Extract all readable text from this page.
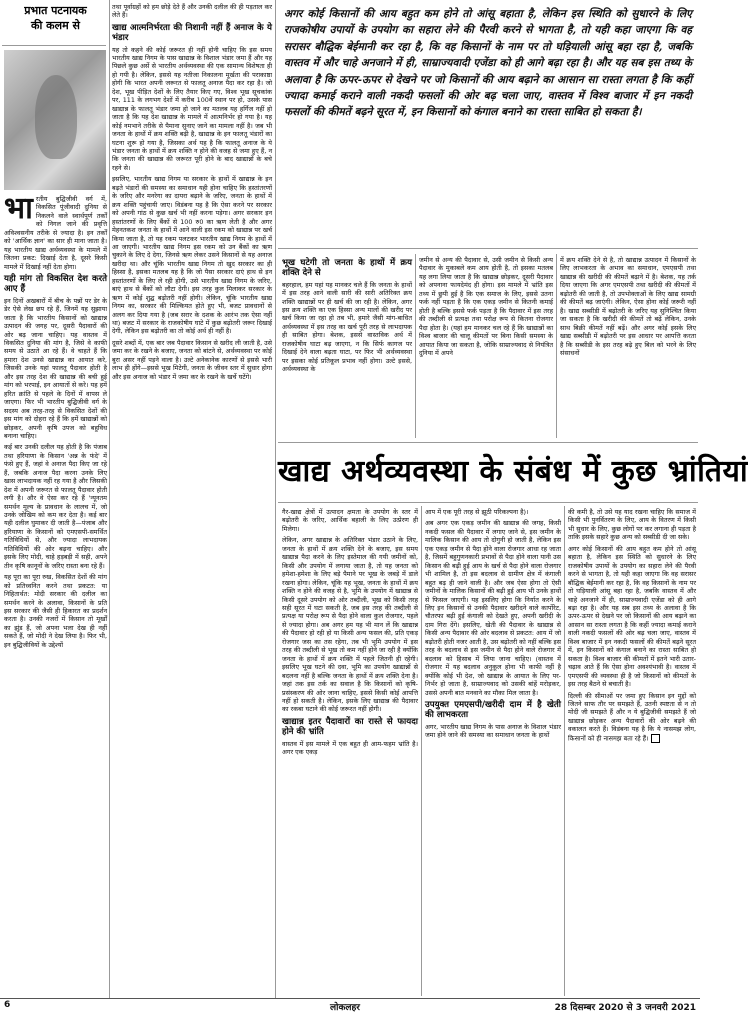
प्रभात पटनायक
की कलम से

भारतीय बुद्घिजीवी वर्ग में, विकसित पूंजीवादी दुनिया से निकलने वाले स्वार्थपूर्ण तर्कों को निगल जाने की प्रवृत्ति अविश्वसनीय तरीके से ज्यादा है। इन तर्कों को 'आर्थिक ज्ञान' का सार ही माना जाता है। यह भारतीय खाद्य अर्थव्यवस्था के मामले में जितना प्रकट: दिखाई देता है, दूसरे किसी मामले में दिखाई नहीं देता होगा।

यही मांग तो विकसित देश करते आए हैं

इन दिनों अखबारों में बीच के पन्नों पर डेर के डेर ऐसे लेख छप रहे हैं, जिनमें यह सुझाया जाता है कि भारतीय किसानों को खाद्यान्न उत्पादन की जगह पर, दूसरी पैदावारों की ओर बढ़ जाना चाहिए। यह वास्तव में विकसित दुनिया की मांग है, जिसे वे काफी समय से उठाते आ रहे हैं। वे चाहते हैं कि हमारा देश उनसे खाद्यान्न का आयात करे, जिसकी उनके यहां फालतू पैदावार होती है और इस तरह देश की खाद्यान्न की बची हुई मांग को भरपाई, इन आयातों से करे। यह हमें हरित क्रांति से पहले के दिनों में वापस ले जाएगा। फिर भी भारतीय बुद्घिजीवी वर्ग के सदस्य अब तरह-तरह से विकसित देशों की इस मांग को दोहरा रहे हैं कि हमें खाद्यान्नों को छोड़कर, अपनी कृषि उपज को बहुविध बनाना चाहिए।

कई बार उनकी दलील यह होती है कि पंजाब तथा हरियाणा के किसान 'अन्न के फंदे' में फंसे हुए हैं, जहां वे अनाज पैदा किए जा रहे हैं, जबकि अनाज पैदा करना उनके लिए खास लाभदायक नहीं रह गया है और जिसकी देश में अपनी जरूरत से फालतू पैदावार होती लगी है। और वे ऐसा कर रहे हैं 'न्यूनतम समर्थन मूल्य के प्रावधान के लालच में, जो उनके जोखिम को कम कर देता है। कई बार यही दलील घुमाकर दी जाती है—पंजाब और हरियाणा के किसानों को एमएसपी-समर्थित गतिविधियों से, और ज्यादा लाभदायक गतिविधियों की ओर बढ़ना चाहिए। और इसके लिए मोदी, चाहे हड़बड़ी में सही, अपने तीन कृषि कानूनों के जरिए रास्ता बना रहे हैं।

यह पूरा का पूरा रुख, विकसित देशों की मांग को प्रतिध्वनित करने तथा प्रकटत: या निहितार्थत: मोदी सरकार की दलील का समर्थन करने के अलावा, किसानों के प्रति इस सरकार की जैसी ही हिकारत का प्रदर्शन करता है। उनकी नजरों में किसान तो मूर्खों का झुंड हैं, जो अपना भला देख ही नहीं सकते हैं, जो मोदी ने देख लिया है। फिर भी, इन बुद्घिजीवियों के उद्देश्यों

तथा पूर्वाग्रहों को हम छोड़े देते हैं और उनकी दलील की ही पड़ताल कर लेते हैं।

खाद्य आत्मनिर्भरता की निशानी नहीं हैं अनाज के ये भंडार

यह तो कहने की कोई जरूरत ही नहीं होनी चाहिए कि इस समय भारतीय खाद्य निगम के पास खाद्यान्न के विशाल भंडार जमा हैं और यह पिछले कुछ अर्से से भारतीय अर्थव्यवस्था की एक सामान्य विशेषता ही हो गयी है। लेकिन, इससे यह नतीजा निकालना मूर्खता की पराकाष्ठा होगी कि भारत अपनी जरूरत से फालतू अनाज पैदा कर रहा है। जो देश, भूख पीड़ित देशों के लिए तैयार किए गए, विश्व भूख सूचकांक पर, 111 के लगभग देशों में करीब 100वें स्थान पर हो, उसके पास खाद्यान्न के फालतू भंडार जमा हो जाने का मतलब यह हर्गिज नहीं हो जाता है कि यह देश खाद्यान्न के मामले में आत्मनिर्भर हो गया है। यह कोई नमभाने तरीके से पैमाना सुनाए जाने का मामला नहीं है। जब भी जनता के हाथों में क्रय शक्ति बढ़ी है, खाद्यान्न के इन फालतू भंडारों का घटना शुरू हो गया है, जिसका अर्थ यह है कि फालतू अनाज के ये भंडार जनता के हाथों में क्रय शक्ति न होने की वजह से जमा हुए हैं, न कि जनता की खाद्यान्न की जरूरत पूरी होने के बाद खाद्यान्नों के बचे रहने से।

इसलिए, भारतीय खाद्य निगम या सरकार के हाथों में खाद्यान्न के इन बढ़ते भंडारों की समस्या का समाधान यही होना चाहिए कि हस्तांतरणों के जरिए और मनरेगा का दायरा बढ़ाने के जरिए, जनता के हाथों में क्रय शक्ति पहुंचायी जाए। विडंबना यह है कि ऐसा करने पर सरकार को अपनी गांठ से कुछ खर्च भी नहीं करना पड़ेगा। अगर सरकार इन हस्तांतरणों के लिए बैंकों से 100 रु0 का ऋण लेती है और अगर मेहनतकश जनता के हाथों में आने वाली इस रकम को खाद्यान्न पर खर्च किया जाता है, तो यह रकम पलटकर भारतीय खाद्य निगम के हाथों में आ जाएगी। भारतीय खाद्य निगम इस रकम को उन बैंकों का ऋण चुकाने के लिए दे देगा, जिनसे ऋण लेकर उसने किसानों से यह अनाज खरीदा था। और चूंकि भारतीय खाद्य निगम तो खुद सरकार का ही हिस्सा है, इसका मतलब यह है कि जो पैसा सरकार दाएं हाथ से इन हस्तांतरणों के लिए ले रही होगी, उसे भारतीय खाद्य निगम के जरिए, बाएं हाथ से बैंकों को लौटा देगी। इस तरह कुल मिलाकर सरकार के ऋण में कोई शुद्घ बढ़ोतरी नहीं होगी। लेकिन, चूंकि भारतीय खाद्य निगम का, सरकार की मिल्कियत होते हुए भी, बजट प्रावधानों से अलग कर दिया गया है (जब सरार के दशक के आरंभ तक ऐसा नहीं था) बजट में सरकार के राजकोषीय घाटे में कुछ बढ़ोतरी जरूर दिखाई देगी, लेकिन इस बढ़ोतरी का तो कोई अर्थ ही नहीं है।

दूसरे शब्दों में, एक बार जब पैदावार किसान से खरीद ली जाती है, उसे जमा कर के रखने के बजाए, जनता को बांटने से, अर्थव्यवस्था पर कोई बुरा असर नहीं पड़ने वाला है। उल्टे अनेकानेक कारणों से इससे भारी लाभ ही होंगे—इससे भूख मिटेगी, जनता के जीवन स्तर में सुधार होगा और इस अनाज को भंडार में जमा कर के रखने के खर्चे घटेंगे।

अगर कोई किसानों की आय बहुत कम होने तो आंसू बहाता है, लेकिन इस स्थिति को सुधारने के लिए राजकोषीय उपायों के उपयोग का सहारा लेने की पैरवी करने से भागता है, तो यही कहा जाएगा कि वह सरासर बौद्घिक बेईमानी कर रहा है, कि वह किसानों के नाम पर तो घड़ियाली आंसू बहा रहा है, जबकि वास्तव में और चाहे अनजाने में ही, साम्राज्यवादी एजेंडा को ही आगे बढ़ा रहा है। और यह सब इस तथ्य के अलावा है कि ऊपर-ऊपर से देखने पर जो किसानों की आय बढ़ाने का आसान सा रास्ता लगता है कि कहीं ज्यादा कमाई कराने वाली नकदी फसलों की ओर बढ़ चला जाए, वास्तव में विश्व बाजार में इन नकदी फसलों की कीमतें बढ़ने सूरत में, इन किसानों को कंगाल बनाने का रास्ता साबित हो सकता है।
भूख घटेगी तो जनता के हाथों में क्रय शक्ति देने से

बहरहाल, हम यहां यह मानकर चले हैं कि जनता के हाथों में इस तरह आने वाली सारी की सारी अतिरिक्त क्रय शक्ति खाद्यान्नों पर ही खर्च की जा रही है। लेकिन, अगर इस क्रय शक्ति का एक हिस्सा अन्य मालों की खरीद पर खर्च किया जा रहा हो तब भी, हमारे जैसी मांग-बाधित अर्थव्यवस्था में इस तरह का खर्च पूरी तरह से लाभदायक ही साबित होगा। बेशक, इससे वास्तविक अर्थ में राजकोषीय घाटा बढ़ जाएगा, न कि सिर्फ कागज पर दिखाई देने वाला बढ़ता घाटा, पर फिर भी अर्थव्यवस्था पर इसका कोई प्रतिकूल प्रभाव नहीं होगा। उल्टे इससे, अर्थव्यवस्था के

जमीन से अन्य की पैदावार से, उसी जमीन से किसी अन्य पैदावार के मुकाबले कम आय होती है, तो इसका मतलब यह लगा लिया जाता है कि खाद्यान्न छोड़कर, दूसरी पैदावार को अपनाना फायदेमंद ही होगा। इस मामले में भ्रांति इस तथ्य में छुपी हुई है कि एक समाज के लिए, इससे उतना फर्क नहीं पड़ता है कि एक एकड़ जमीन से कितनी कमाई होती है बल्कि इससे फर्क पड़ता है कि पैदावार में इस तरह की तब्दीली से प्रत्यक्ष तथा परोक्ष रूप से कितना रोजगार पैदा होता है। (यहां हम मानकर चल रहे हैं कि खाद्यान्नों का विश्व बाजार की चालू कीमतों पर बिना किसी समस्या के आयात किया जा सकता है, जोकि साम्राज्यवाद से नियंत्रित दुनिया में अपने

में क्रय शक्ति देने से है, तो खाद्यान्न उत्पादन में किसानों के लिए लाभकरता के अभाव का समाधान, एमएसपी तथा खाद्यान्न की खरीदी की कीमतें बढ़ाने में है। बेशक, यह तर्क दिया जाएगा कि अगर एमएसपी तथा खरीदी की कीमतों में बढ़ोतरी की जाती है, तो उपभोक्ताओं के लिए खाद्य सामग्री की कीमतें बढ़ जाएंगी। लेकिन, ऐसा होना कोई जरूरी नहीं है। खाद्य सब्सीडी में बढ़ोतरी के जरिए यह सुनिश्चित किया जा सकता है कि खरीदी की कीमतें तो बढ़ें लेकिन, उनके साथ बिक्री कीमतें नहीं बढ़ें। और अगर कोई इसके लिए खाद्य सब्सीडी में बढ़ोतरी पर इस आधार पर आपत्ति करता है कि सब्सीडी के इस तरह बढ़े हुए बिल को भरने के लिए संसाधनों

खाद्य अर्थव्यवस्था के संबंध में कुछ भ्रांतियां

गैर-खाद्य क्षेत्रों में उत्पादन क्षमता के उपयोग के स्तर में बढ़ोतरी के जरिए, आर्थिक बहाली के लिए उत्प्रेरण ही मिलेगा।

लेकिन, अगर खाद्यान्न के अतिरिक्त भंडार उठाने के लिए, जनता के हाथों में क्रय शक्ति देने के बजाए, इस समय खाद्यान्न पैदा करने के लिए इस्तेमाल की गयी जमीनों को, किसी और उपयोग में लगाया जाता है, तो यह जनता को हमेशा-हमेशा के लिए बड़े पैमाने पर भूख के जबड़े में डाले रखना होगा। लेकिन, चूंकि यह भूख, जनता के हाथों में क्रय शक्ति न होने की वजह से है, भूमि के उपयोग में खाद्यान्न से किसी दूसरे उपयोग को ओर तब्दीली, भूख को किसी तरह सही सूरत में घटा सकती है, जब इस तरह की तब्दीली से प्रत्यक्ष या परोक्ष रूप से पैदा होने वाला कुल रोजगार, पहले से ज्यादा होगा। अब अगर हम यह भी मान लें कि खाद्यान्न की पैदावार हो रही हो या किसी अन्य फसल की, प्रति एकड़ रोजगार जस का तस रहेगा, तब भी भूमि उपयोग में इस तरह की तब्दीली से भूख तो कम नहीं होने जा रही है क्योंकि जनता के हाथों में क्रय शक्ति में पहले जितनी ही रहेगी। इसलिए भूख घटने की दवा, भूमि का उपयोग खाद्यान्नों से बदलना नहीं है बल्कि जनता के हाथों में क्रय शक्ति देना है। जहां तक इस तर्क का सवाल है कि किसानों को कृषि-प्रसंस्करण की ओर जाना चाहिए, इससे किसी कोई आपत्ति नहीं हो सकती है। लेकिन, इसके लिए खाद्यान्न की पैदावार का रकबा घटाने की कोई जरूरत नहीं होगी।

खाद्यान्न इतर पैदावारों का रास्ते से फायदा होने की भ्रांति

वास्तव में इस मामले में एक बहुत ही आम-फहम भ्रांति है। अगर एक एकड़

आप में एक पूरी तरह से झूठी परिकल्पना है)।

अब अगर एक एकड़ जमीन की खाद्यान्न की जगह, किसी नकदी फसल की पैदावार में लगाए जाने से, इस जमीन के मालिक किसान की आय तो दोगुनी हो जाती है, लेकिन इस एक एकड़ जमीन से पैदा होने वाला रोजगार आधा रह जाता है, जिसमें बहुगुणनकारी प्रभावों से पैदा होने वाला यानी उस किसान की बढ़ी हुई आय के खर्च से पैदा होने वाला रोजगार भी शामिल है, तो इस बदलाव से ग्रामीण क्षेत्र में कंगाली बहुत बढ़ ही जाने वाली है। और जब ऐसा होगा तो ऐसी जमीनों के मालिक किसानों की बढ़ी हुई आय भी उनके हाथों से फिसल जाएगी। यह इसलिए होगा कि निर्यात करने के लिए इन किसानों से उनकी पैदावार खरीदने वाले कार्पोरेट, चौतरफा बढ़ी हुई कंगाली को देखते हुए, अपनी खरीदी के दाम गिरा देंगे। इसलिए, खेती की पैदावार के खाद्यान्न से किसी अन्य पैदावार की ओर बदलाव से प्रकटत: आय में जो बढ़ोतरी होती नजर आती है, उस बढ़ोतरी को नहीं बल्कि इस तरह के बदलाव से इस जमीन से पैदा होने वाले रोजगार में बदलाव को हिसाब में लिया जाना चाहिए। (वास्तव में रोजगार में यह बदलाव अनुकूल होना भी काफी नहीं है क्योंकि कोई भी देश, जो खाद्यान्न के आयात के लिए पर-निर्भर हो जाता है, साम्राज्यवाद को उसकी बांहें मरोड़कर, उससे अपनी बात मनवाने का मौका मिल जाता है।

उपयुक्त एमएसपी/खरीदी दाम में है खेती की लाभकरता

अगर, भारतीय खाद्य निगम के पास अनाज के विशाल भंडार जमा होने जाने की समस्या का समाधान जनता के हाथों

की कमी है, तो उसे यह याद रखना चाहिए कि समाज में किसी भी पुनर्वितरण के लिए, आय के वितरण में किसी भी सुधार के लिए, कुछ लोगों पर कर लगाना ही पड़ता है ताकि इसके सहारे कुछ अन्य को सब्सीडी दी जा सके।

अगर कोई किसानों की आय बहुत कम होने तो आंसू बहाता है, लेकिन इस स्थिति को सुधारने के लिए राजकोषीय उपायों के उपयोग का सहारा लेने की पैरवी करने से भागता है, तो यही कहा जाएगा कि वह सरासर बौद्घिक बेईमानी कर रहा है, कि वह किसानों के नाम पर तो घड़ियाली आंसू बहा रहा है, जबकि वास्तव में और चाहे अनजाने में ही, साम्राज्यवादी एजेंडा को ही आगे बढ़ा रहा है। और यह सब इस तथ्य के अलावा है कि ऊपर-ऊपर से देखने पर जो किसानों की आय बढ़ाने का आसान सा रास्ता लगता है कि कहीं ज्यादा कमाई कराने वाली नकदी फसलों की ओर बढ़ चला जाए, वास्तव में विश्व बाजार में इन नकदी फसलों की कीमतें बढ़ने सूरत में, इन किसानों को कंगाल बनाने का रास्ता साबित हो सकता है। विश्व बाजार की कीमतों में इतने भारी उतार-चढ़ाव आते हैं कि ऐसा होना अवश्यंभावी है। वास्तव में एमएसपी की व्यवस्था ही है जो किसानों को कीमतों के इस तरह बैठने से बचाती है।

दिल्ली की सीमाओं पर जमा हुए किसान इन मुद्दों को जितने साफ तौर पर समझते हैं, उतनी स्पष्टता से न तो मोदी जी समझते हैं और न ये बुद्घिजीवी समझते हैं जो खाद्यान्न छोड़कर अन्य पैदावारों की ओर बढ़ने की वकालत करते हैं। विडंबना यह है कि ये नासमझ लोग, किसानों को ही नासमझ बता रहे हैं।

6	लोकलहर	28 दिसम्बर 2020 से 3 जनवरी 2021
